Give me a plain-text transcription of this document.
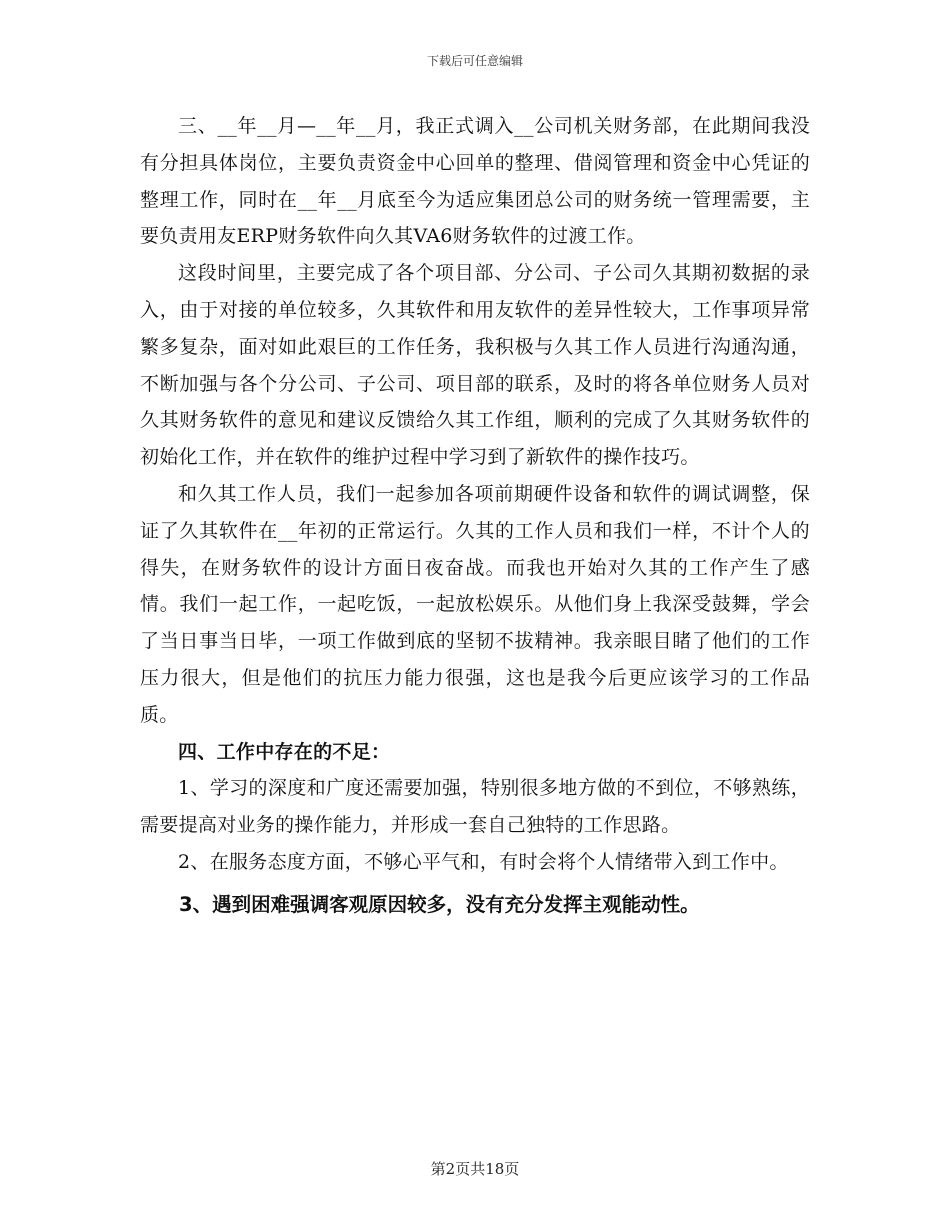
下载后可任意编辑

三、__年__月—__年__月，我正式调入__公司机关财务部，在此期间我没有分担具体岗位，主要负责资金中心回单的整理、借阅管理和资金中心凭证的整理工作，同时在__年__月底至今为适应集团总公司的财务统一管理需要，主要负责用友ERP财务软件向久其VA6财务软件的过渡工作。

这段时间里，主要完成了各个项目部、分公司、子公司久其期初数据的录入，由于对接的单位较多，久其软件和用友软件的差异性较大，工作事项异常繁多复杂，面对如此艰巨的工作任务，我积极与久其工作人员进行沟通沟通，不断加强与各个分公司、子公司、项目部的联系，及时的将各单位财务人员对久其财务软件的意见和建议反馈给久其工作组，顺利的完成了久其财务软件的初始化工作，并在软件的维护过程中学习到了新软件的操作技巧。

和久其工作人员，我们一起参加各项前期硬件设备和软件的调试调整，保证了久其软件在__年初的正常运行。久其的工作人员和我们一样，不计个人的得失，在财务软件的设计方面日夜奋战。而我也开始对久其的工作产生了感情。我们一起工作，一起吃饭，一起放松娱乐。从他们身上我深受鼓舞，学会了当日事当日毕，一项工作做到底的坚韧不拔精神。我亲眼目睹了他们的工作压力很大，但是他们的抗压力能力很强，这也是我今后更应该学习的工作品质。

四、工作中存在的不足：

1、学习的深度和广度还需要加强，特别很多地方做的不到位，不够熟练，需要提高对业务的操作能力，并形成一套自己独特的工作思路。

2、在服务态度方面，不够心平气和，有时会将个人情绪带入到工作中。

3、遇到困难强调客观原因较多，没有充分发挥主观能动性。

第2页共18页
